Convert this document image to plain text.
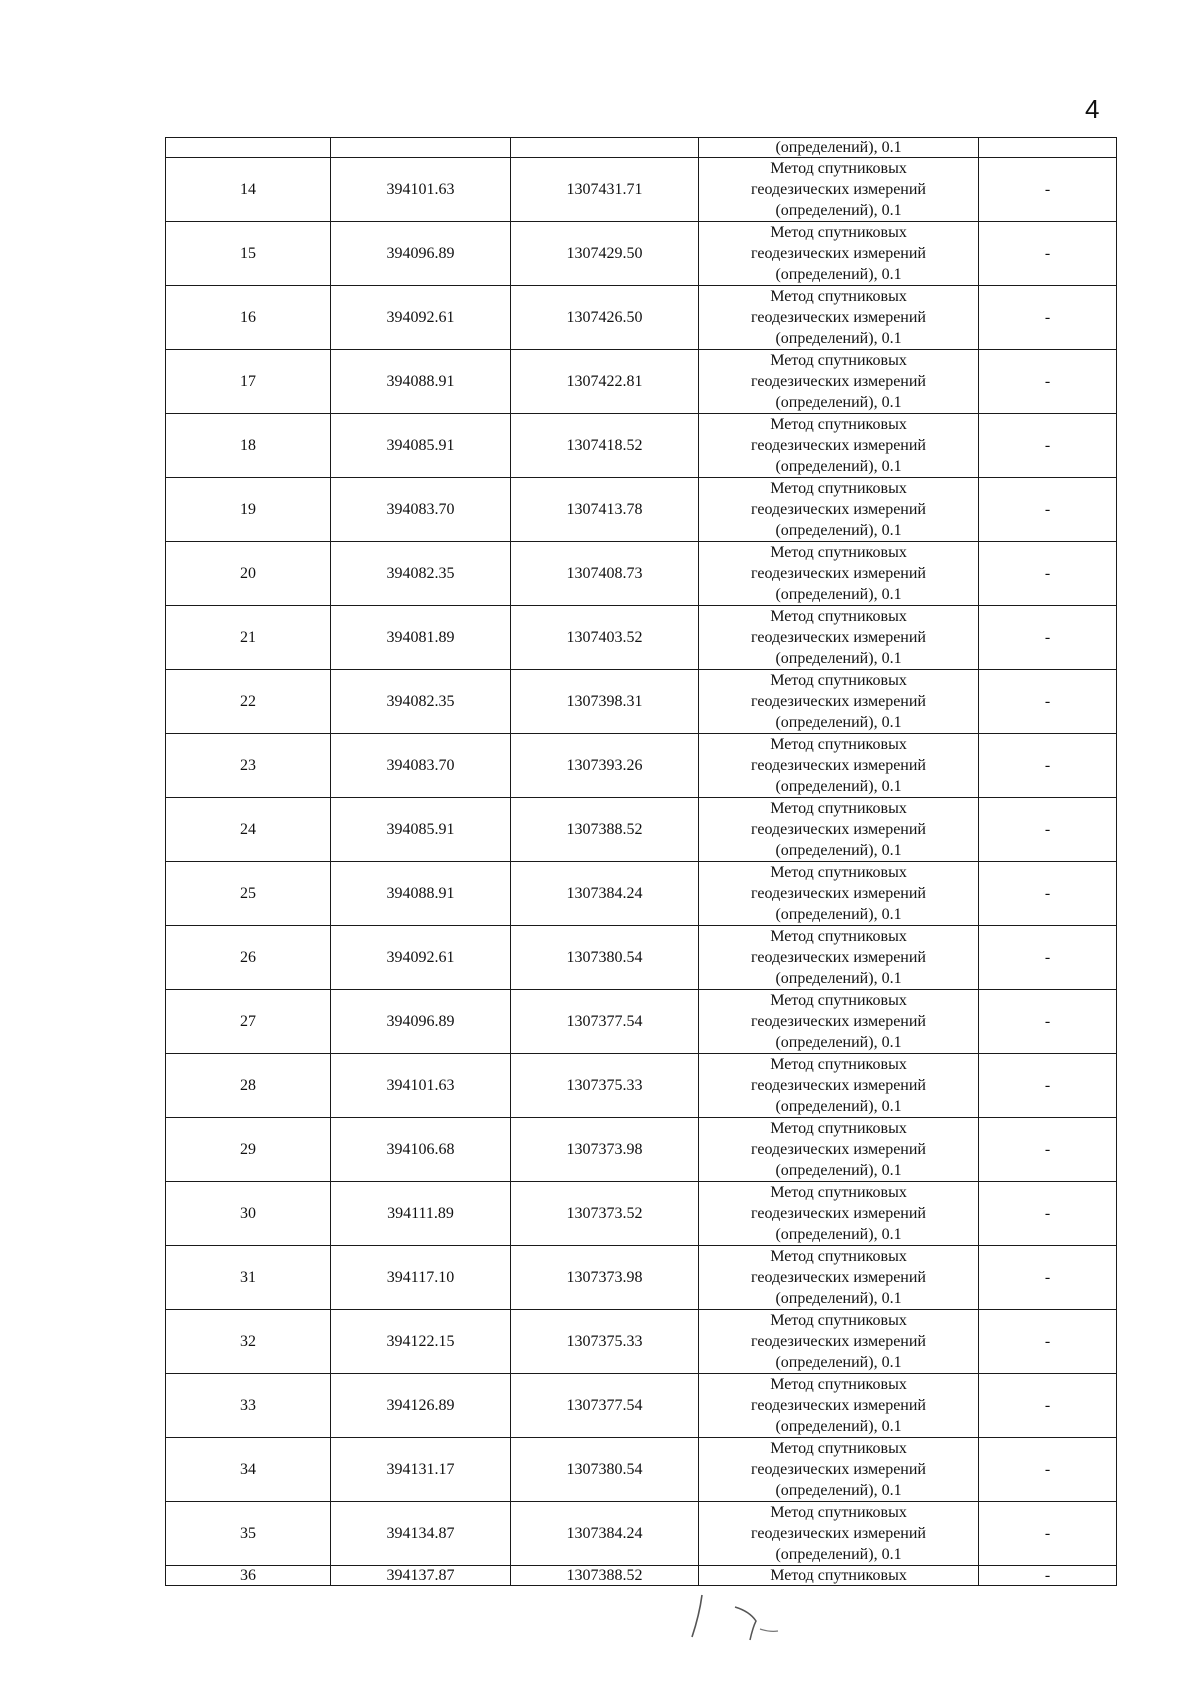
4
			(определений), 0.1	
14	394101.63	1307431.71	Метод спутниковых
геодезических измерений
(определений), 0.1	-
15	394096.89	1307429.50	Метод спутниковых
геодезических измерений
(определений), 0.1	-
16	394092.61	1307426.50	Метод спутниковых
геодезических измерений
(определений), 0.1	-
17	394088.91	1307422.81	Метод спутниковых
геодезических измерений
(определений), 0.1	-
18	394085.91	1307418.52	Метод спутниковых
геодезических измерений
(определений), 0.1	-
19	394083.70	1307413.78	Метод спутниковых
геодезических измерений
(определений), 0.1	-
20	394082.35	1307408.73	Метод спутниковых
геодезических измерений
(определений), 0.1	-
21	394081.89	1307403.52	Метод спутниковых
геодезических измерений
(определений), 0.1	-
22	394082.35	1307398.31	Метод спутниковых
геодезических измерений
(определений), 0.1	-
23	394083.70	1307393.26	Метод спутниковых
геодезических измерений
(определений), 0.1	-
24	394085.91	1307388.52	Метод спутниковых
геодезических измерений
(определений), 0.1	-
25	394088.91	1307384.24	Метод спутниковых
геодезических измерений
(определений), 0.1	-
26	394092.61	1307380.54	Метод спутниковых
геодезических измерений
(определений), 0.1	-
27	394096.89	1307377.54	Метод спутниковых
геодезических измерений
(определений), 0.1	-
28	394101.63	1307375.33	Метод спутниковых
геодезических измерений
(определений), 0.1	-
29	394106.68	1307373.98	Метод спутниковых
геодезических измерений
(определений), 0.1	-
30	394111.89	1307373.52	Метод спутниковых
геодезических измерений
(определений), 0.1	-
31	394117.10	1307373.98	Метод спутниковых
геодезических измерений
(определений), 0.1	-
32	394122.15	1307375.33	Метод спутниковых
геодезических измерений
(определений), 0.1	-
33	394126.89	1307377.54	Метод спутниковых
геодезических измерений
(определений), 0.1	-
34	394131.17	1307380.54	Метод спутниковых
геодезических измерений
(определений), 0.1	-
35	394134.87	1307384.24	Метод спутниковых
геодезических измерений
(определений), 0.1	-
36	394137.87	1307388.52	Метод спутниковых	-
